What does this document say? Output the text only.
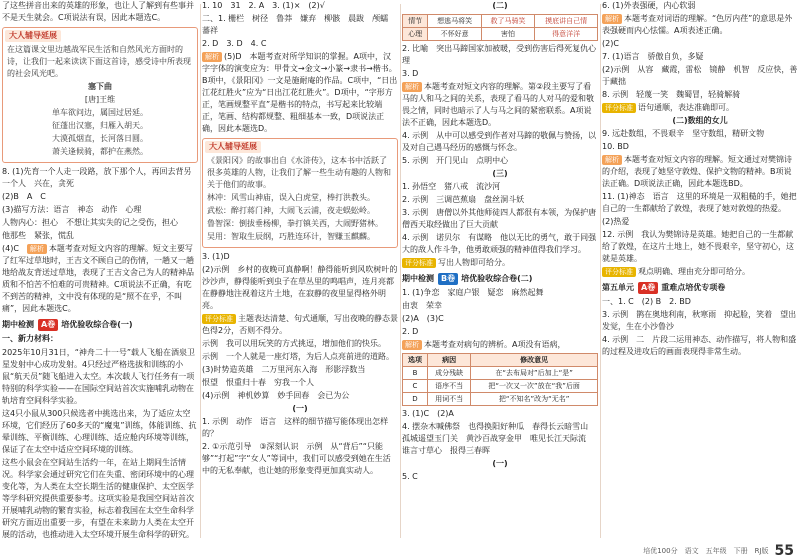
了这些拼音出来的英雄的形象，也让人了解到有些事并不是天生就会。C项说法有误，因此本题选C。

大人辅导延展

在这篇课文里边越战军民生活和自然风光方面时的诗，让我们一起来读读下面这首诗，感受诗中所表现的社会风光吧。

塞下曲

[唐]王维

单车欲问边，属国过居延。

征蓬出汉塞，归雁入胡天。

大漠孤烟直，长河落日圆。

萧关逢候骑，都护在燕然。

8. (1)先育一个人走一段路，放下那个人，再回去背另一个人　兴在，贪死

(2)B　A　C

(3)描写方法：语言　神态　动作　心理

人物内心：担心　不想让其实失的记之受伤，担心

他那些　紧张，慌乱

(4)C　解析 本题考查对短文内容的理解。短文主要写了红军过草地时，王吉文不顾自己的伤情，一趟又一趟地给战友背送过草地，表现了王吉文舍己为人的精神品质和不怕苦不怕难的可贵精神。C项说法不正确，有吃不到苦的精神，文中没有体现的是“照不在乎，不叫痛”，因此本题选C。

期中检测 A卷 培优验收综合卷(一)

一、新力材料：

2025年10月31日，“神舟二十一号”载人飞船在酒泉卫星发射中心成功发射。4只经过严格选拔和训练的小鼠“航天员”随飞船进入太空。本次载人飞行任务有一项特别的科学实验——在国际空间站首次实施哺乳动物在轨培育空间科学实验。

这4只小鼠从300只候选者中挑选出来，为了适应太空环境，它们经历了60多天的“魔鬼”训练，体能训练、抗晕训练、平衡训练、心理训练、适应舱内环境等训练，保证了在太空中适应空间环境的训练。

这些小鼠会在空间站生活约一年，在站上期间生活情况。科学家会通过研究它们在失重、密闭环境中的心理变化等，为人类在太空长期生活的健康保护、太空医学等学科研究提供重要参考。这项实验是我国空间站首次开展哺乳动物的繁育实验，标志着我国在太空生命科学研究方面迈出重要一步，有望在未来助力人类在太空开展的活动，也推动进入太空环境开展生命科学的研究。

1. 10　31　2. A　3. (1)×　(2)√

二、1. 栅栏　树径　鲁莽　嫌弃　柳骸　晨跋　颅蠕　蕃祥

2. D　3. D　4. C

解析 (5)D　本题考查对所学知识的掌握。A项中，汉字字体的演变应为：甲骨文→金文→小篆→隶书→楷书。B项中，《景阳冈》一文是施耐庵的作品。C项中，“日出江花红胜火”应为“日出江花红胜火”。D项中，“字形方正，笔画规整平直”是楷书的特点，书写起来比较端正，笔画、结构都规整、粗细基本一致，D项说法正确，因此本题选D。

大人辅导延展

《景阳冈》的故事出自《水浒传》，这本书中活跃了很多英雄的人物，让我们了解一些生动有趣的人物和关于他们的故事。

林冲：风雪山神庙，误入白虎堂，棒打洪教头。

武松：醉打蒋门神，大闹飞云浦，夜走蜈蚣岭。

鲁智深：倒拔垂杨柳，拳打镇关西，大闹野猪林。

吴用：智取生辰纲，巧胜连环计，智赚玉麒麟。

3. (1)D

(2)示例　乡村的夜晚可真静啊！静得能听到风吹树叶的沙沙声，静得能听到虫子在草丛里的鸣唱声，连月亮都在静静地注视着这片土地，在寂静的夜里显得格外明亮。

评分标准 主题表达清楚、句式通顺，写出夜晚的静态景色得2分，否则不得分。

示例　我可以用玩笑的方式挑逗，增加他们的快乐。

示例　一个人就是一座灯塔，为后人点亮前进的道路。

(3)时势造英雄　二万里河东入海　形影浮数当

恨望　恨重归十春　穷我一个人

(4)示例　神机妙算　妙手回春　会已为公

(一)

1. 示例　动作　语言　这样的细节描写能体现出怎样的？

2. ①示范引导　③深刻认识　示例　从“背后”“只能够”“打起”字“女人”等词中，我们可以感受到她在生活中的无私奉献，也让她的形象变得更加真实动人。

(二)

情节	想逃马将笑	救了马骑笑	摸底讲自己情
心理	不怀好意	害怕	得意洋洋

2. 比喻　突出马蹄国家加被暖，受到伤害后得死复仇心理

3. D

解析 本题考查对短文内容的理解。第②段主要写了看马的人和马之间的关系，表现了看马的人对马的爱和敬畏之情，同时也暗示了人与马之间的紧密联系。A项说法不正确，因此本题选D。

4. 示例　从中可以感受到作者对马蹄的敬佩与赞扬，以及对自己遇马经历的感慨与怀念。

5. 示例　开门见山　点明中心

(三)

1. 孙悟空　猪八戒　流沙河

2. 示例　三调芭蕉扇　盘丝洞斗妖

3. 示例　唐僧以外其他师徒四人都很有本领，为保护唐僧西天取经做出了巨大贡献

4. 示例　诺贝尔　有谋略　他以无比的勇气，敢于同强大的敌人作斗争，他勇敢顽强的精神值得我们学习。

评分标准 写出人物即可给分。

期中检测 B卷 培优验收综合卷(二)

1. (1)争恋　家庭户银　疑恋　麻然起舞

由衷　荣幸

(2)A　(3)C

2. D

解析 本题考查对病句的辨析。A项没有语病，

选项	病因	修改意见
B	成分残缺	在“去布局对”后加上“是”
C	语序不当	把“一次又一次”放在“我”后面
D	用词不当	把“不知名”改为“无名”

3. (1)C　(2)A

4. 摆杂木喊佛祭　也得换阳好种瓜　春得长云暗雪山　孤城遥望玉门关　黄沙百战穿金甲　唯见长江天际流　谁言寸草心　报得三春晖

(一)

5. C

6. (1)外表强硬，内心软弱

解析 本题考查对词语的理解。“色厉内荏”的意思是外表强硬而内心怯懦。A项表述正确。

(2)C

7. (1)语言　骄傲自负，多疑

(2)示例　从容　藏霞，雷松　镜静　机智　反应快，善于藏拙

8. 示例　轻蔑一笑　魏蜀冒，轻骑解骑

评分标准 语句通顺，表达准确即可。

(二)数组的女儿

9. 远赴数组，不畏艰辛　坚守数组，精研文物

10. BD

解析 本题考查对短文内容的理解。短文通过对樊锦诗的介绍，表现了她坚守敦煌、保护文物的精神。B项说法正确。D项说法正确，因此本题选BD。

11. (1)神态　语言　这里的环境是一双粗糙的手，她把自己的一生都献给了敦煌，表现了她对敦煌的热爱。

(2)热爱

12. 示例　我认为樊锦诗是英雄。她把自己的一生都献给了敦煌，在这片土地上，她不畏艰辛，坚守初心，这就是英雄。

评分标准 观点明确、理由充分即可给分。

第五单元 A卷 重难点培优专项卷

一、1. C　(2) B　2. BD

3. 示例　鹊在奥地利南，秋寒雨　抑起脸，笑着　望出发觉，生在小沙鲁沙

4. 示例　二　片段二运用神态、动作描写，将人物和盛的过程及进攻后的画面表现得非常生动。

培优100分　语文　五年级　下册　RJ版 55
